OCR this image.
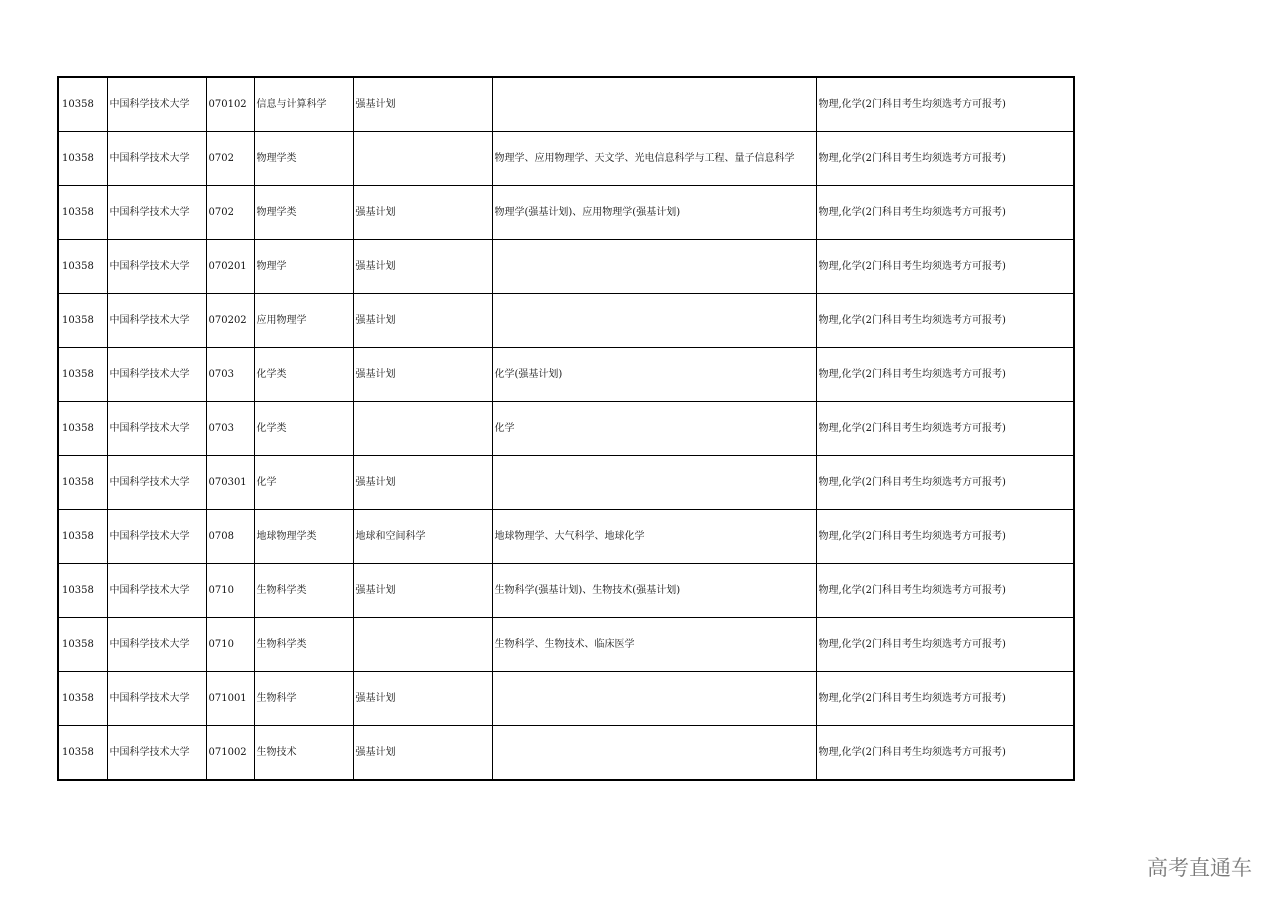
10358	中国科学技术大学	070102	信息与计算科学	强基计划		物理,化学(2门科目考生均须选考方可报考)
10358	中国科学技术大学	0702	物理学类		物理学、应用物理学、天文学、光电信息科学与工程、量子信息科学	物理,化学(2门科目考生均须选考方可报考)
10358	中国科学技术大学	0702	物理学类	强基计划	物理学(强基计划)、应用物理学(强基计划)	物理,化学(2门科目考生均须选考方可报考)
10358	中国科学技术大学	070201	物理学	强基计划		物理,化学(2门科目考生均须选考方可报考)
10358	中国科学技术大学	070202	应用物理学	强基计划		物理,化学(2门科目考生均须选考方可报考)
10358	中国科学技术大学	0703	化学类	强基计划	化学(强基计划)	物理,化学(2门科目考生均须选考方可报考)
10358	中国科学技术大学	0703	化学类		化学	物理,化学(2门科目考生均须选考方可报考)
10358	中国科学技术大学	070301	化学	强基计划		物理,化学(2门科目考生均须选考方可报考)
10358	中国科学技术大学	0708	地球物理学类	地球和空间科学	地球物理学、大气科学、地球化学	物理,化学(2门科目考生均须选考方可报考)
10358	中国科学技术大学	0710	生物科学类	强基计划	生物科学(强基计划)、生物技术(强基计划)	物理,化学(2门科目考生均须选考方可报考)
10358	中国科学技术大学	0710	生物科学类		生物科学、生物技术、临床医学	物理,化学(2门科目考生均须选考方可报考)
10358	中国科学技术大学	071001	生物科学	强基计划		物理,化学(2门科目考生均须选考方可报考)
10358	中国科学技术大学	071002	生物技术	强基计划		物理,化学(2门科目考生均须选考方可报考)
高考直通车
